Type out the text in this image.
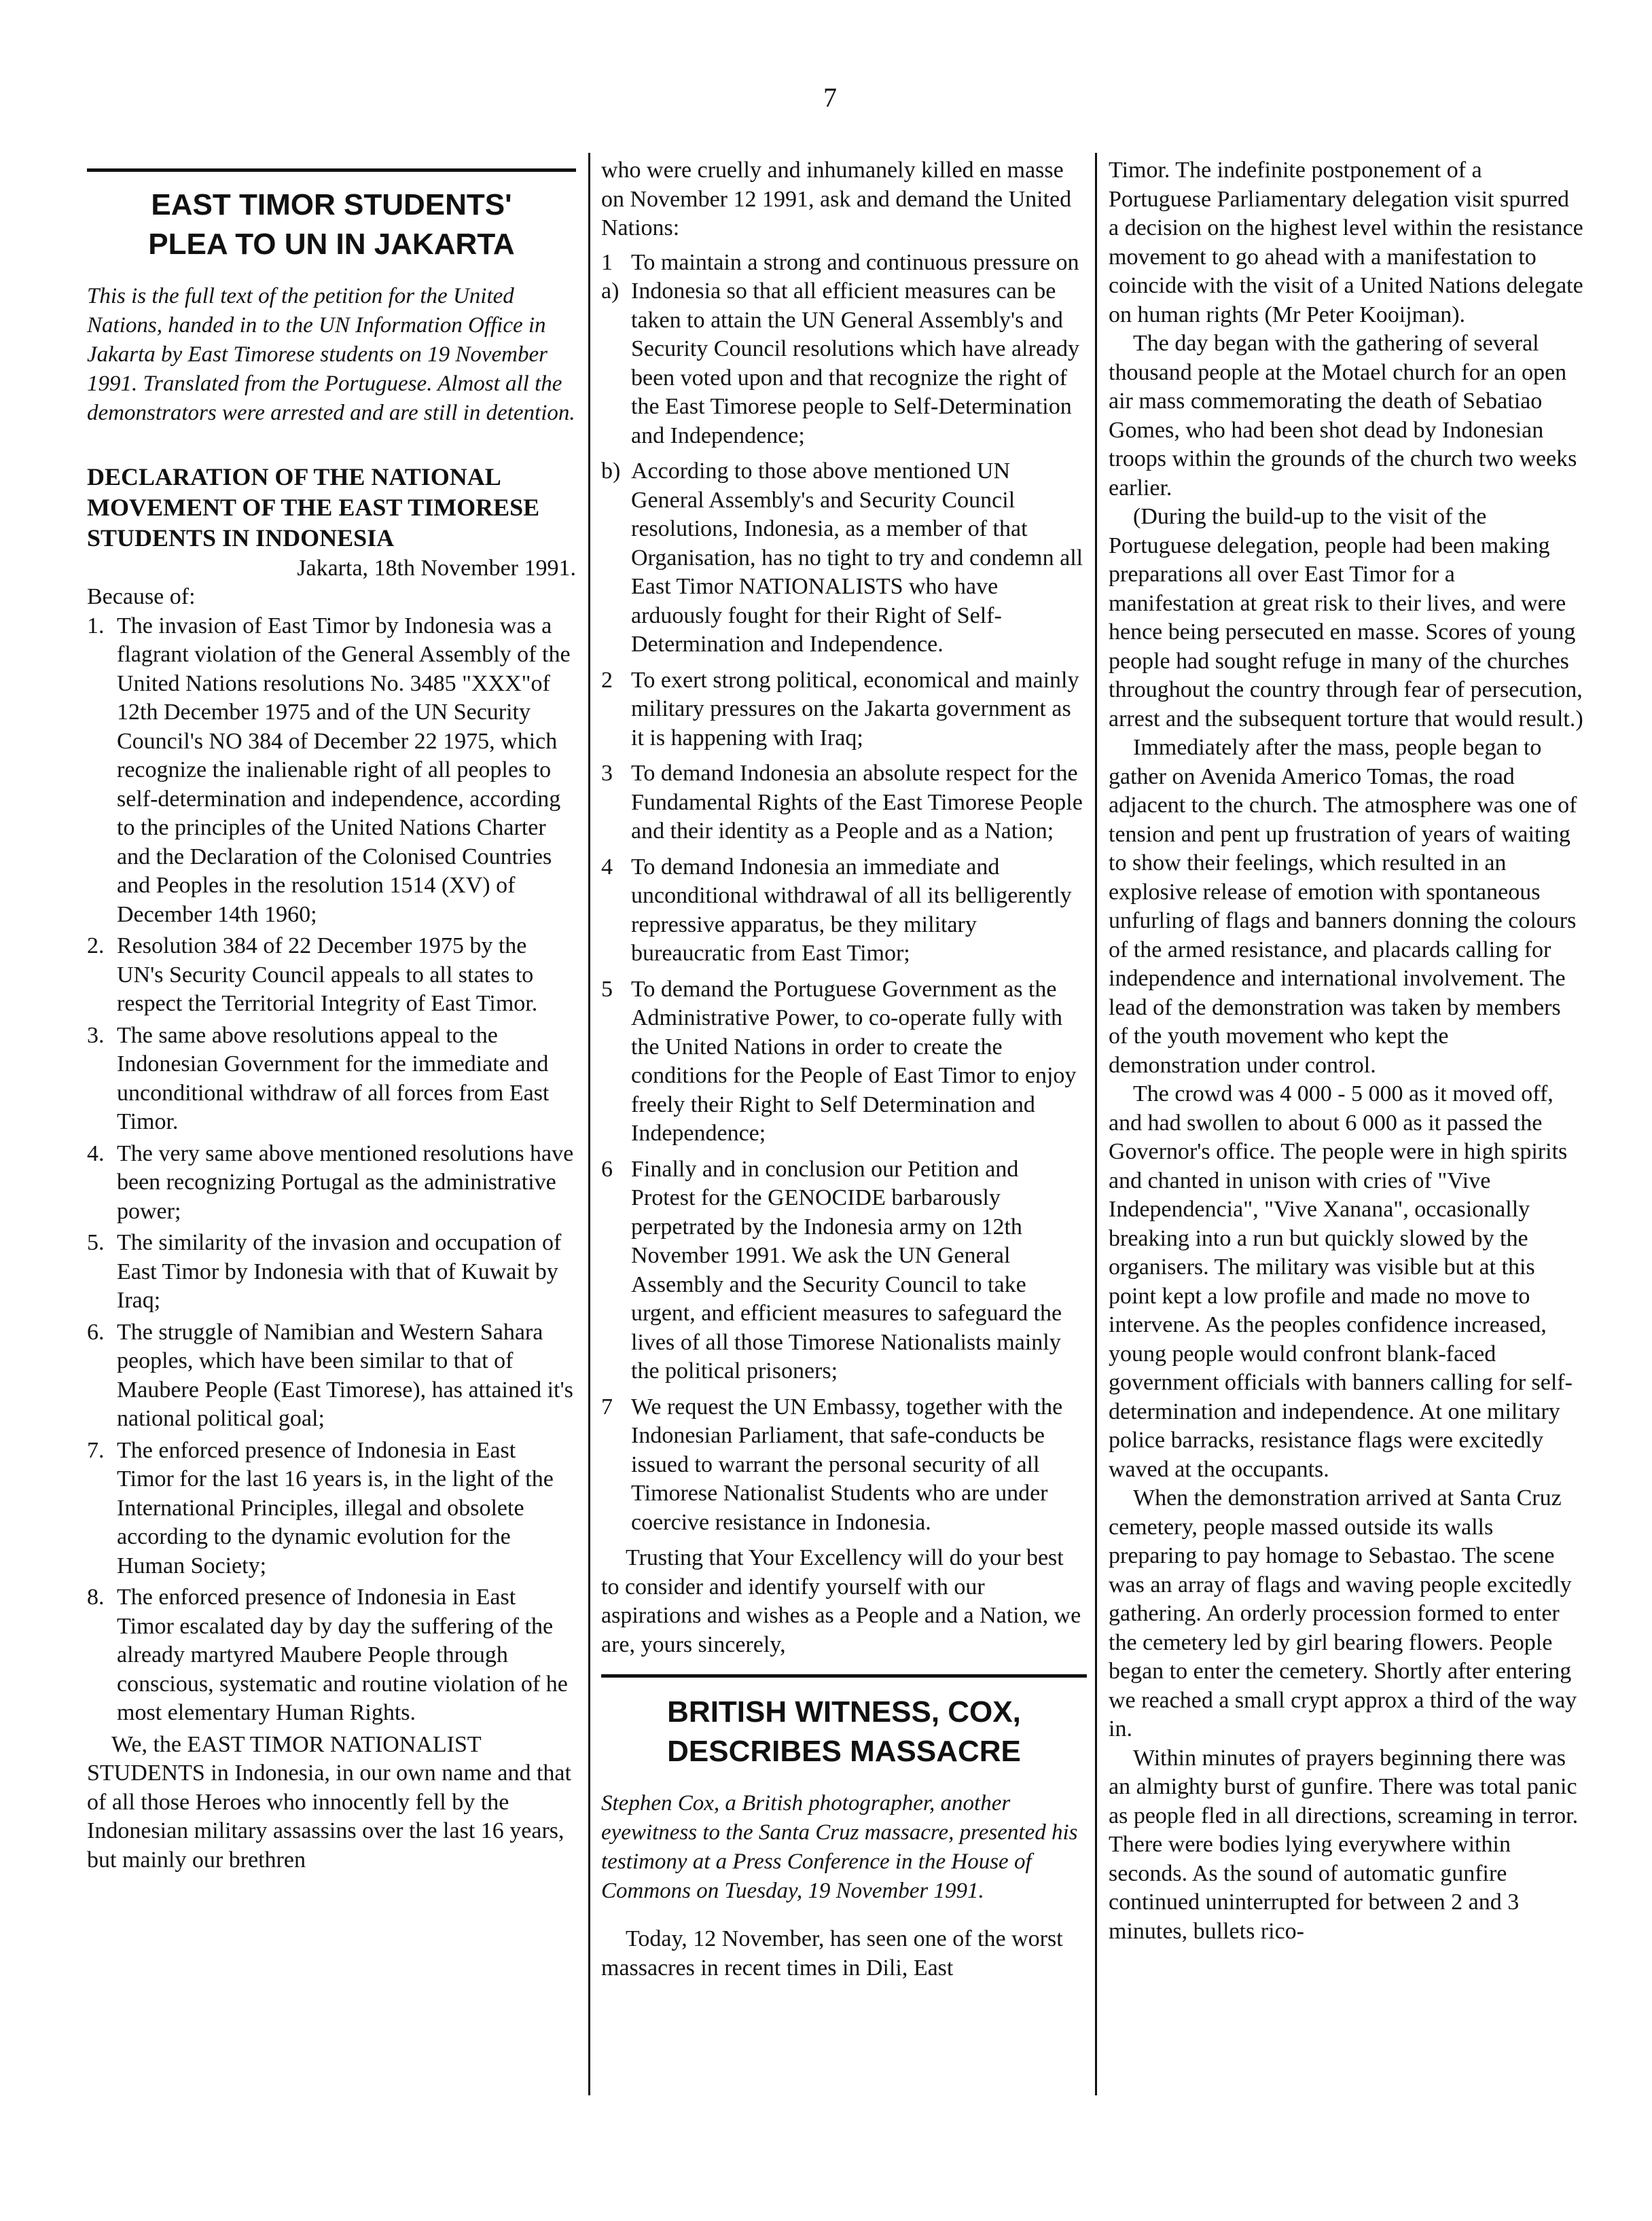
7
EAST TIMOR STUDENTS'
PLEA TO UN IN JAKARTA

This is the full text of the petition for the United Nations, handed in to the UN Information Office in Jakarta by East Timorese students on 19 November 1991. Translated from the Portuguese. Almost all the demonstrators were arrested and are still in detention.

DECLARATION OF THE NATIONAL MOVEMENT OF THE EAST TIMORESE STUDENTS IN INDONESIA

Jakarta, 18th November 1991.

Because of:

1. The invasion of East Timor by Indonesia was a flagrant violation of the General Assembly of the United Nations resolutions No. 3485 "XXX"of 12th December 1975 and of the UN Security Council's NO 384 of December 22 1975, which recognize the inalienable right of all peoples to self-determination and independence, according to the principles of the United Nations Charter and the Declaration of the Colonised Countries and Peoples in the resolution 1514 (XV) of December 14th 1960;
2. Resolution 384 of 22 December 1975 by the UN's Security Council appeals to all states to respect the Territorial Integrity of East Timor.
3. The same above resolutions appeal to the Indonesian Government for the immediate and unconditional withdraw of all forces from East Timor.
4. The very same above mentioned resolutions have been recognizing Portugal as the administrative power;
5. The similarity of the invasion and occupation of East Timor by Indonesia with that of Kuwait by Iraq;
6. The struggle of Namibian and Western Sahara peoples, which have been similar to that of Maubere People (East Timorese), has attained it's national political goal;
7. The enforced presence of Indonesia in East Timor for the last 16 years is, in the light of the International Principles, illegal and obsolete according to the dynamic evolution for the Human Society;
8. The enforced presence of Indonesia in East Timor escalated day by day the suffering of the already martyred Maubere People through conscious, systematic and routine violation of he most elementary Human Rights.

We, the EAST TIMOR NATIONALIST STUDENTS in Indonesia, in our own name and that of all those Heroes who innocently fell by the Indonesian military assassins over the last 16 years, but mainly our brethren

who were cruelly and inhumanely killed en masse on November 12 1991, ask and demand the United Nations:

1 a)
To maintain a strong and continuous pressure on Indonesia so that all efficient measures can be taken to attain the UN General Assembly's and Security Council resolutions which have already been voted upon and that recognize the right of the East Timorese people to Self-Determination and Independence;
b) According to those above mentioned UN General Assembly's and Security Council resolutions, Indonesia, as a member of that Organisation, has no tight to try and condemn all East Timor NATIONALISTS who have arduously fought for their Right of Self-Determination and Independence.
2 To exert strong political, economical and mainly military pressures on the Jakarta government as it is happening with Iraq;
3 To demand Indonesia an absolute respect for the Fundamental Rights of the East Timorese People and their identity as a People and as a Nation;
4 To demand Indonesia an immediate and unconditional withdrawal of all its belligerently repressive apparatus, be they military bureaucratic from East Timor;
5 To demand the Portuguese Government as the Administrative Power, to co-operate fully with the United Nations in order to create the conditions for the People of East Timor to enjoy freely their Right to Self Determination and Independence;
6 Finally and in conclusion our Petition and Protest for the GENOCIDE barbarously perpetrated by the Indonesia army on 12th November 1991. We ask the UN General Assembly and the Security Council to take urgent, and efficient measures to safeguard the lives of all those Timorese Nationalists mainly the political prisoners;
7 We request the UN Embassy, together with the Indonesian Parliament, that safe-conducts be issued to warrant the personal security of all Timorese Nationalist Students who are under coercive resistance in Indonesia.

Trusting that Your Excellency will do your best to consider and identify yourself with our aspirations and wishes as a People and a Nation, we are, yours sincerely,

BRITISH WITNESS, COX,
DESCRIBES MASSACRE

Stephen Cox, a British photographer, another eyewitness to the Santa Cruz massacre, presented his testimony at a Press Conference in the House of Commons on Tuesday, 19 November 1991.

Today, 12 November, has seen one of the worst massacres in recent times in Dili, East

Timor. The indefinite postponement of a Portuguese Parliamentary delegation visit spurred a decision on the highest level within the resistance movement to go ahead with a manifestation to coincide with the visit of a United Nations delegate on human rights (Mr Peter Kooijman).

The day began with the gathering of several thousand people at the Motael church for an open air mass commemorating the death of Sebatiao Gomes, who had been shot dead by Indonesian troops within the grounds of the church two weeks earlier.

(During the build-up to the visit of the Portuguese delegation, people had been making preparations all over East Timor for a manifestation at great risk to their lives, and were hence being persecuted en masse. Scores of young people had sought refuge in many of the churches throughout the country through fear of persecution, arrest and the subsequent torture that would result.)

Immediately after the mass, people began to gather on Avenida Americo Tomas, the road adjacent to the church. The atmosphere was one of tension and pent up frustration of years of waiting to show their feelings, which resulted in an explosive release of emotion with spontaneous unfurling of flags and banners donning the colours of the armed resistance, and placards calling for independence and international involvement. The lead of the demonstration was taken by members of the youth movement who kept the demonstration under control.

The crowd was 4 000 - 5 000 as it moved off, and had swollen to about 6 000 as it passed the Governor's office. The people were in high spirits and chanted in unison with cries of "Vive Independencia", "Vive Xanana", occasionally breaking into a run but quickly slowed by the organisers. The military was visible but at this point kept a low profile and made no move to intervene. As the peoples confidence increased, young people would confront blank-faced government officials with banners calling for self-determination and independence. At one military police barracks, resistance flags were excitedly waved at the occupants.

When the demonstration arrived at Santa Cruz cemetery, people massed outside its walls preparing to pay homage to Sebastao. The scene was an array of flags and waving people excitedly gathering. An orderly procession formed to enter the cemetery led by girl bearing flowers. People began to enter the cemetery. Shortly after entering we reached a small crypt approx a third of the way in.

Within minutes of prayers beginning there was an almighty burst of gunfire. There was total panic as people fled in all directions, screaming in terror. There were bodies lying everywhere within seconds. As the sound of automatic gunfire continued uninterrupted for between 2 and 3 minutes, bullets rico-
